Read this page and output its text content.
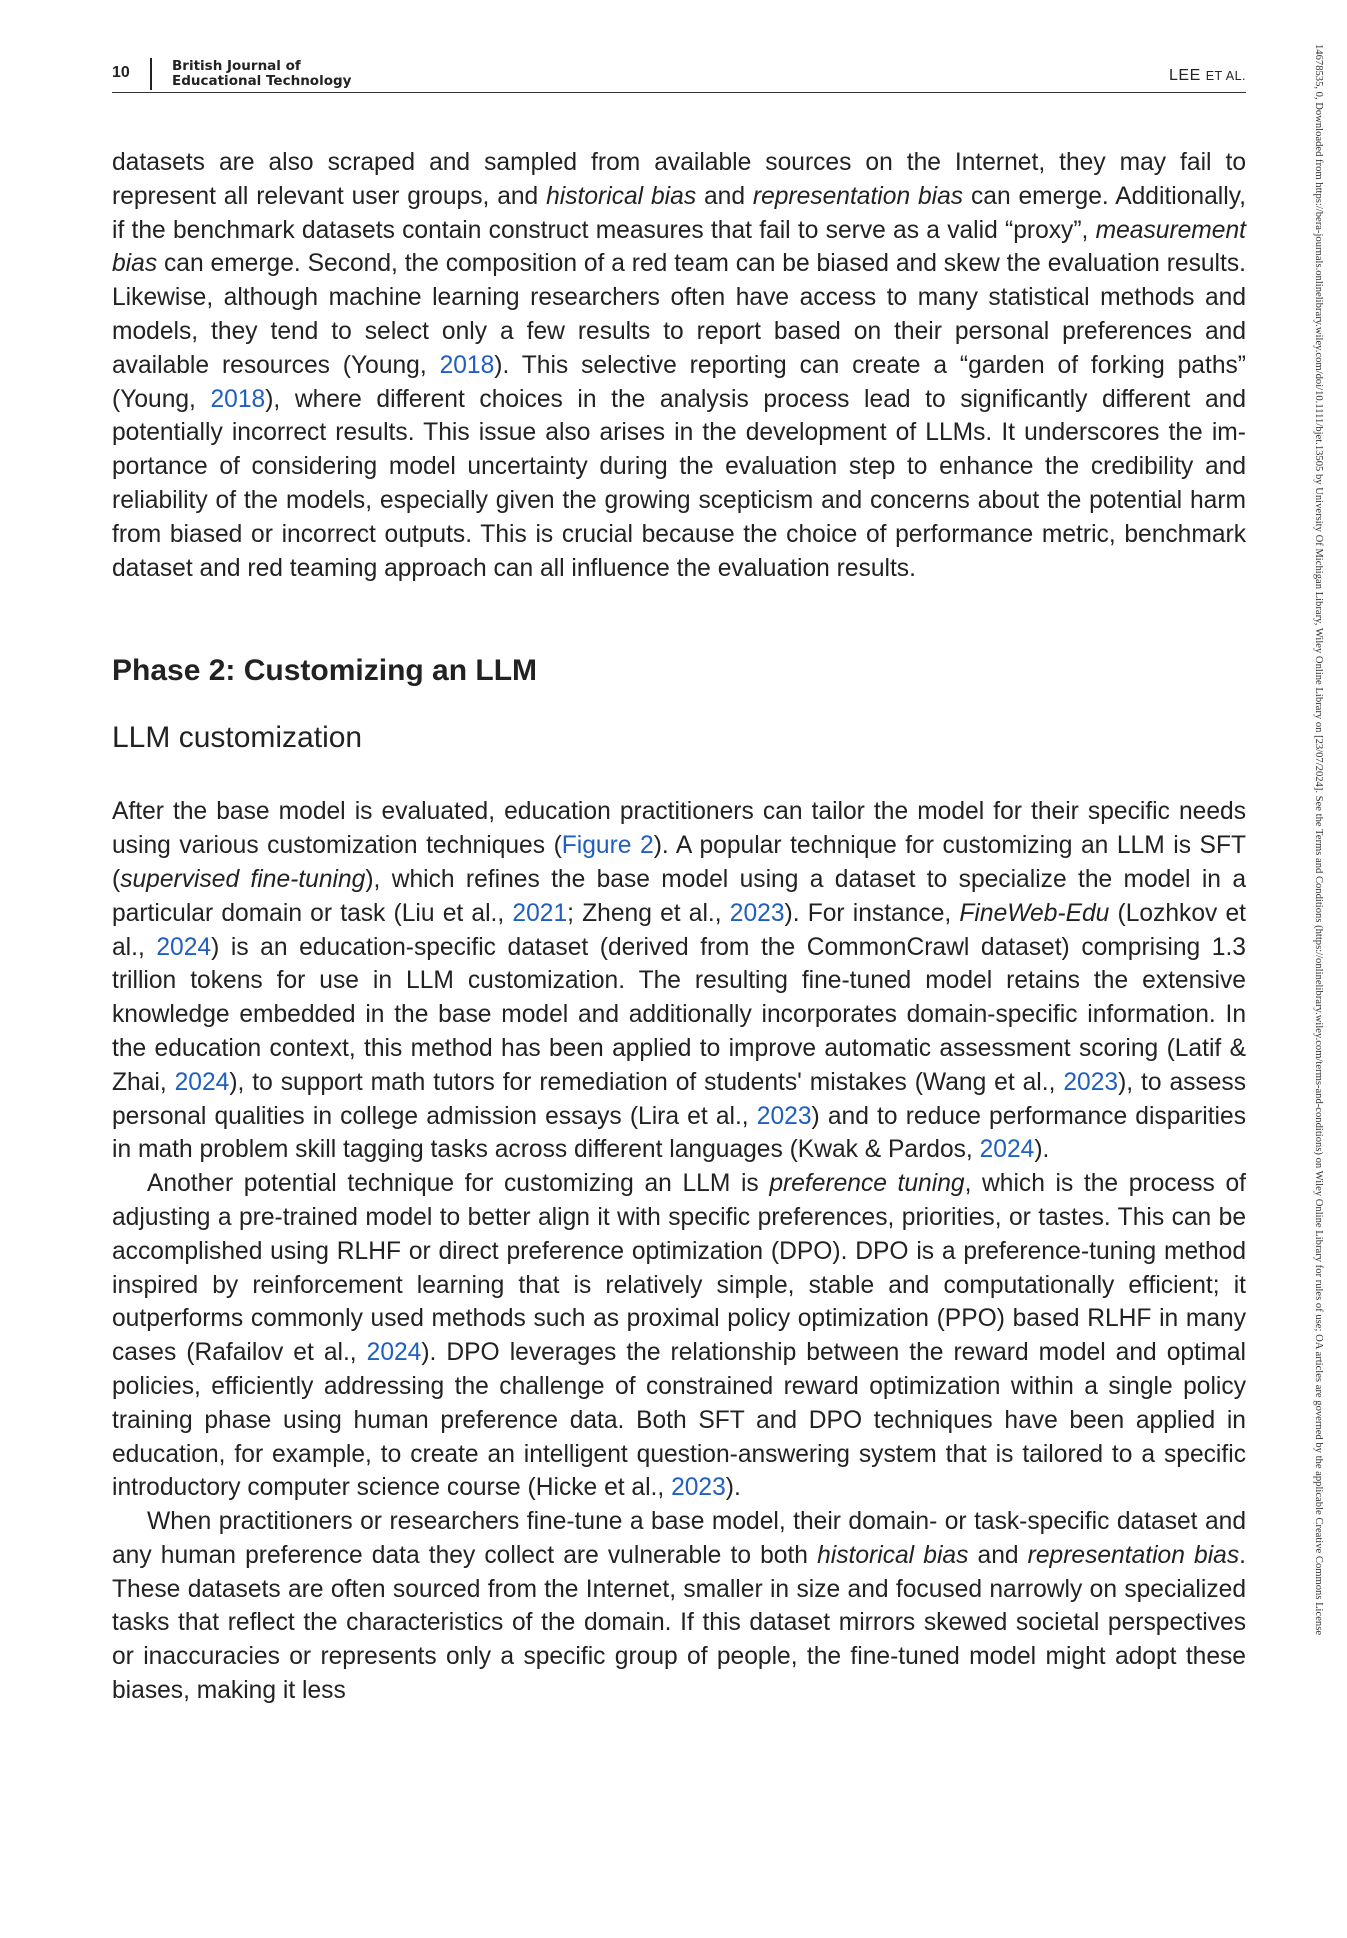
10	British Journal of
Educational Technology	LEE ET AL.	14678535, 0, Downloaded from https://bera-journals.onlinelibrary.wiley.com/doi/10.1111/bjet.13505 by University Of Michigan Library, Wiley Online Library on [23/07/2024]. See the Terms and Conditions (https://onlinelibrary.wiley.com/terms-and-conditions) on Wiley Online Library for rules of use; OA articles are governed by the applicable Creative Commons License

datasets are also scraped and sampled from available sources on the Internet, they may fail to represent all relevant user groups, and historical bias and representation bias can emerge. Additionally, if the benchmark datasets contain construct measures that fail to serve as a valid “proxy”, measurement bias can emerge. Second, the composition of a red team can be biased and skew the evaluation results. Likewise, although machine learning researchers often have access to many statistical methods and models, they tend to select only a few results to report based on their personal preferences and available resources (Young, 2018). This selective reporting can create a “garden of forking paths” (Young, 2018), where different choices in the analysis process lead to significantly different and potentially incorrect results. This issue also arises in the development of LLMs. It underscores the importance of considering model uncertainty during the evaluation step to enhance the credibility and reliability of the models, especially given the growing scepticism and concerns about the potential harm from biased or incorrect outputs. This is crucial because the choice of performance metric, benchmark dataset and red teaming approach can all influence the evaluation results.

Phase 2: Customizing an LLM
LLM customization

After the base model is evaluated, education practitioners can tailor the model for their specific needs using various customization techniques (Figure 2). A popular technique for customizing an LLM is SFT (supervised fine-tuning), which refines the base model using a dataset to specialize the model in a particular domain or task (Liu et al., 2021; Zheng et al., 2023). For instance, FineWeb-Edu (Lozhkov et al., 2024) is an education-specific dataset (derived from the CommonCrawl dataset) comprising 1.3 trillion tokens for use in LLM customization. The resulting fine-tuned model retains the extensive knowledge embedded in the base model and additionally incorporates domain-specific information. In the education context, this method has been applied to improve automatic assessment scoring (Latif & Zhai, 2024), to support math tutors for remediation of students' mistakes (Wang et al., 2023), to assess personal qualities in college admission essays (Lira et al., 2023) and to reduce performance disparities in math problem skill tagging tasks across different languages (Kwak & Pardos, 2024).

Another potential technique for customizing an LLM is preference tuning, which is the process of adjusting a pre-trained model to better align it with specific preferences, priorities, or tastes. This can be accomplished using RLHF or direct preference optimization (DPO). DPO is a preference-tuning method inspired by reinforcement learning that is relatively simple, stable and computationally efficient; it outperforms commonly used methods such as proximal policy optimization (PPO) based RLHF in many cases (Rafailov et al., 2024). DPO leverages the relationship between the reward model and optimal policies, efficiently addressing the challenge of constrained reward optimization within a single policy training phase using human preference data. Both SFT and DPO techniques have been applied in education, for example, to create an intelligent question-answering system that is tailored to a specific introductory computer science course (Hicke et al., 2023).

When practitioners or researchers fine-tune a base model, their domain- or task-specific dataset and any human preference data they collect are vulnerable to both historical bias and representation bias. These datasets are often sourced from the Internet, smaller in size and focused narrowly on specialized tasks that reflect the characteristics of the domain. If this dataset mirrors skewed societal perspectives or inaccuracies or represents only a specific group of people, the fine-tuned model might adopt these biases, making it less
